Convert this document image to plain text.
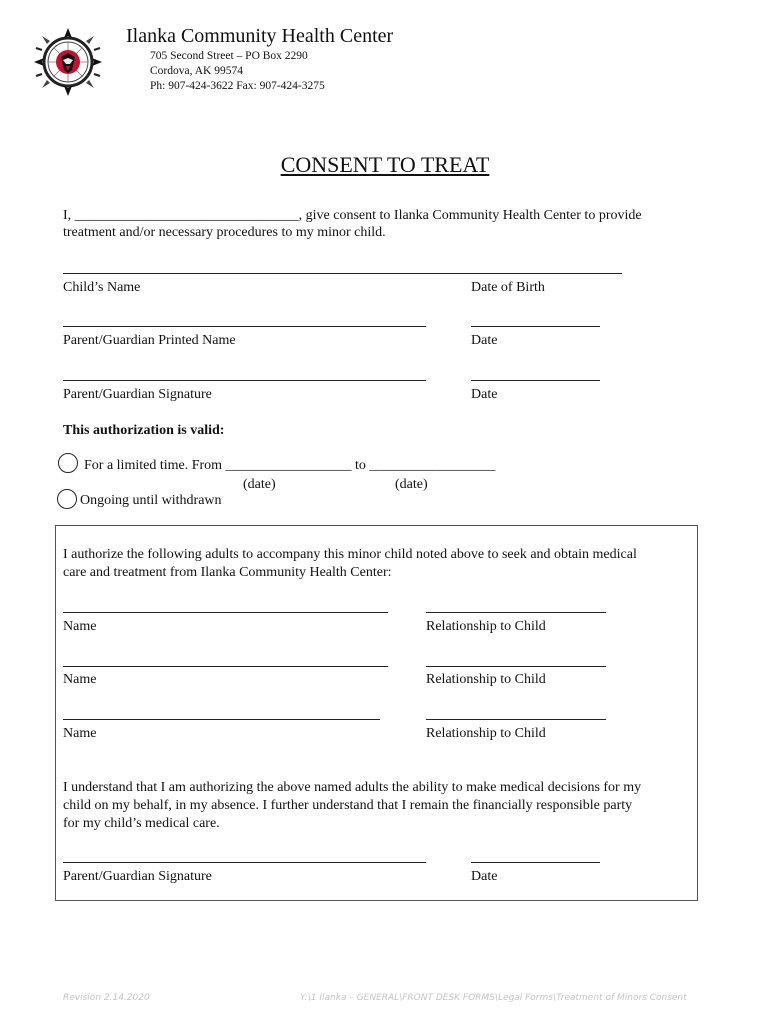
Ilanka Community Health Center
705 Second Street – PO Box 2290
Cordova, AK 99574
Ph: 907-424-3622 Fax: 907-424-3275
CONSENT TO TREAT
I, ________________________________, give consent to Ilanka Community Health Center to provide
treatment and/or necessary procedures to my minor child.
Child’s Name	Date of Birth
Parent/Guardian Printed Name	Date
Parent/Guardian Signature	Date
This authorization is valid:
For a limited time. From __________________ to __________________
(date)	(date)
Ongoing until withdrawn
I authorize the following adults to accompany this minor child noted above to seek and obtain medical
care and treatment from Ilanka Community Health Center:
Name	Relationship to Child
Name	Relationship to Child
Name	Relationship to Child
I understand that I am authorizing the above named adults the ability to make medical decisions for my
child on my behalf, in my absence. I further understand that I remain the financially responsible party
for my child’s medical care.
Parent/Guardian Signature	Date
Revision 2.14.2020	Y:\1 Ilanka – GENERAL\FRONT DESK FORMS\Legal Forms\Treatment of Minors Consent
